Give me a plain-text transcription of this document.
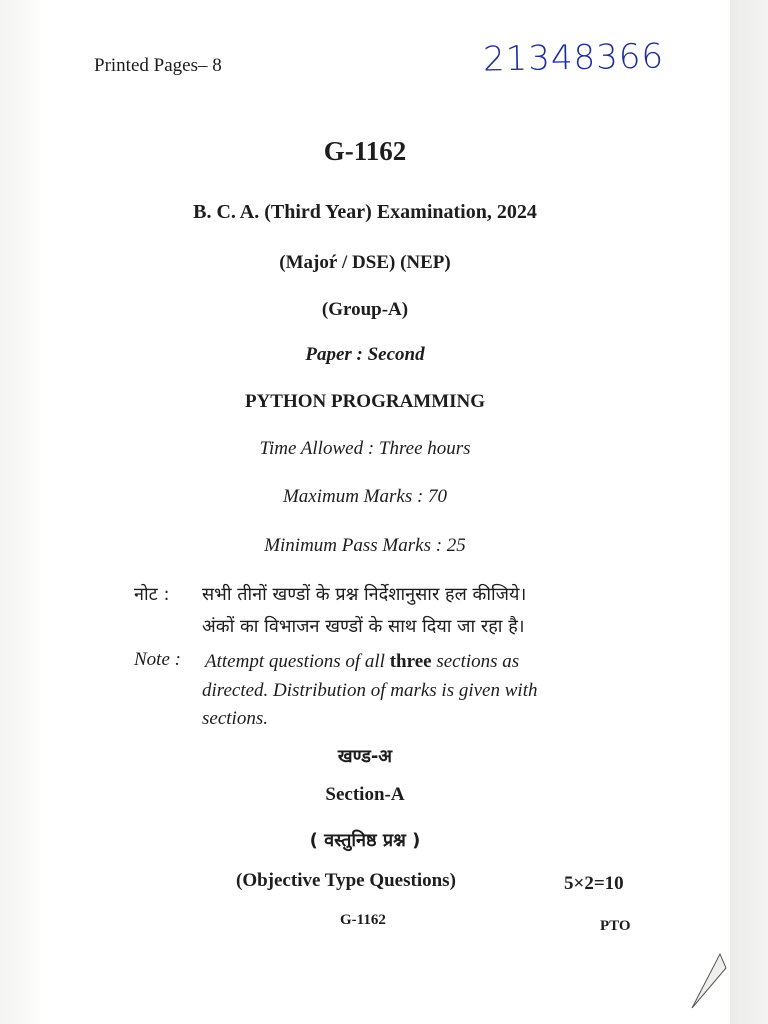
Printed Pages– 8	21348366
G-1162
B. C. A. (Third Year) Examination, 2024
(Majoŕ / DSE) (NEP)
(Group-A)
Paper : Second
PYTHON PROGRAMMING
Time Allowed : Three hours
Maximum Marks : 70
Minimum Pass Marks : 25
नोट : सभी तीनों खण्डों के प्रश्न निर्देशानुसार हल कीजिये।
अंकों का विभाजन खण्डों के साथ दिया जा रहा है।
Note : Attempt questions of all three sections as
directed. Distribution of marks is given with
sections.
खण्ड-अ
Section-A
( वस्तुनिष्ठ प्रश्न )
(Objective Type Questions)	5×2=10
G-1162	PTO
